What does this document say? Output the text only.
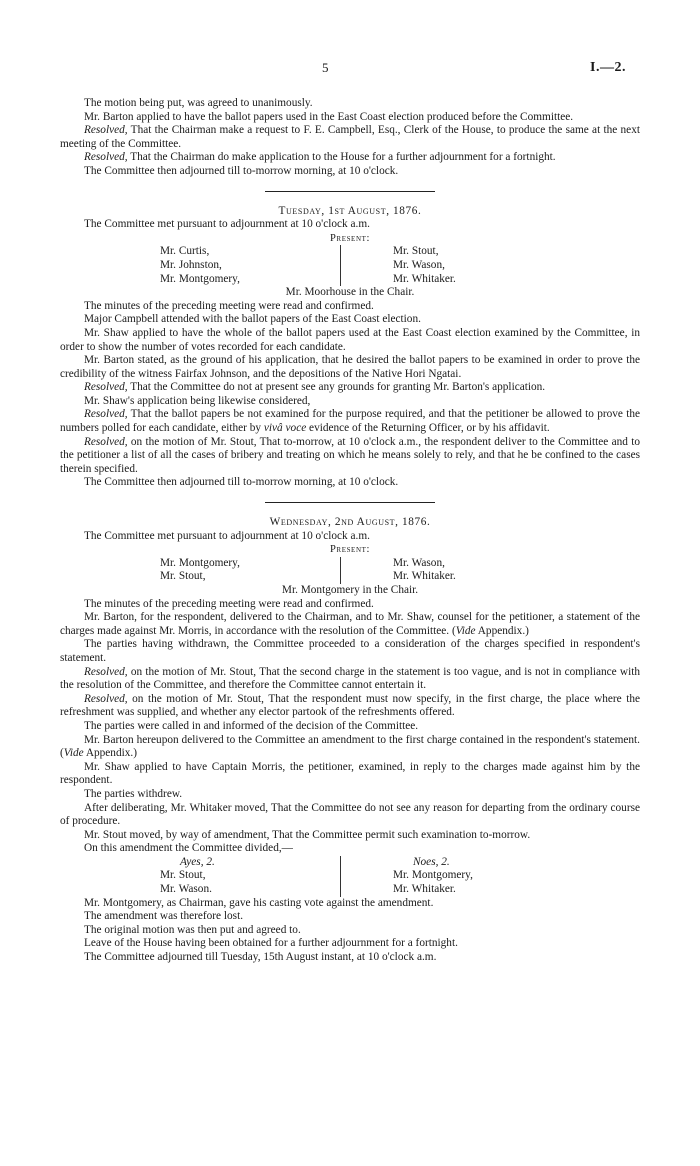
5	I.—2.

The motion being put, was agreed to unanimously.

Mr. Barton applied to have the ballot papers used in the East Coast election produced before the Committee.

Resolved, That the Chairman make a request to F. E. Campbell, Esq., Clerk of the House, to produce the same at the next meeting of the Committee.

Resolved, That the Chairman do make application to the House for a further adjournment for a fortnight.

The Committee then adjourned till to-morrow morning, at 10 o'clock.

Tuesday, 1st August, 1876.

The Committee met pursuant to adjournment at 10 o'clock a.m.

Present:
Mr. Curtis,
Mr. Johnston,
Mr. Montgomery,
Mr. Stout,
Mr. Wason,
Mr. Whitaker.
Mr. Moorhouse in the Chair.

The minutes of the preceding meeting were read and confirmed.

Major Campbell attended with the ballot papers of the East Coast election.

Mr. Shaw applied to have the whole of the ballot papers used at the East Coast election examined by the Committee, in order to show the number of votes recorded for each candidate.

Mr. Barton stated, as the ground of his application, that he desired the ballot papers to be examined in order to prove the credibility of the witness Fairfax Johnson, and the depositions of the Native Hori Ngatai.

Resolved, That the Committee do not at present see any grounds for granting Mr. Barton's application.

Mr. Shaw's application being likewise considered,

Resolved, That the ballot papers be not examined for the purpose required, and that the petitioner be allowed to prove the numbers polled for each candidate, either by vivâ voce evidence of the Returning Officer, or by his affidavit.

Resolved, on the motion of Mr. Stout, That to-morrow, at 10 o'clock a.m., the respondent deliver to the Committee and to the petitioner a list of all the cases of bribery and treating on which he means solely to rely, and that he be confined to the cases therein specified.

The Committee then adjourned till to-morrow morning, at 10 o'clock.

Wednesday, 2nd August, 1876.

The Committee met pursuant to adjournment at 10 o'clock a.m.

Present:
Mr. Montgomery,
Mr. Stout,
Mr. Wason,
Mr. Whitaker.
Mr. Montgomery in the Chair.

The minutes of the preceding meeting were read and confirmed.

Mr. Barton, for the respondent, delivered to the Chairman, and to Mr. Shaw, counsel for the petitioner, a statement of the charges made against Mr. Morris, in accordance with the resolution of the Committee. (Vide Appendix.)

The parties having withdrawn, the Committee proceeded to a consideration of the charges specified in respondent's statement.

Resolved, on the motion of Mr. Stout, That the second charge in the statement is too vague, and is not in compliance with the resolution of the Committee, and therefore the Committee cannot entertain it.

Resolved, on the motion of Mr. Stout, That the respondent must now specify, in the first charge, the place where the refreshment was supplied, and whether any elector partook of the refreshments offered.

The parties were called in and informed of the decision of the Committee.

Mr. Barton hereupon delivered to the Committee an amendment to the first charge contained in the respondent's statement. (Vide Appendix.)

Mr. Shaw applied to have Captain Morris, the petitioner, examined, in reply to the charges made against him by the respondent.

The parties withdrew.

After deliberating, Mr. Whitaker moved, That the Committee do not see any reason for departing from the ordinary course of procedure.

Mr. Stout moved, by way of amendment, That the Committee permit such examination to-morrow.

On this amendment the Committee divided,—

Ayes, 2.
Mr. Stout,
Mr. Wason.
Noes, 2.
Mr. Montgomery,
Mr. Whitaker.

Mr. Montgomery, as Chairman, gave his casting vote against the amendment.

The amendment was therefore lost.

The original motion was then put and agreed to.

Leave of the House having been obtained for a further adjournment for a fortnight.

The Committee adjourned till Tuesday, 15th August instant, at 10 o'clock a.m.
